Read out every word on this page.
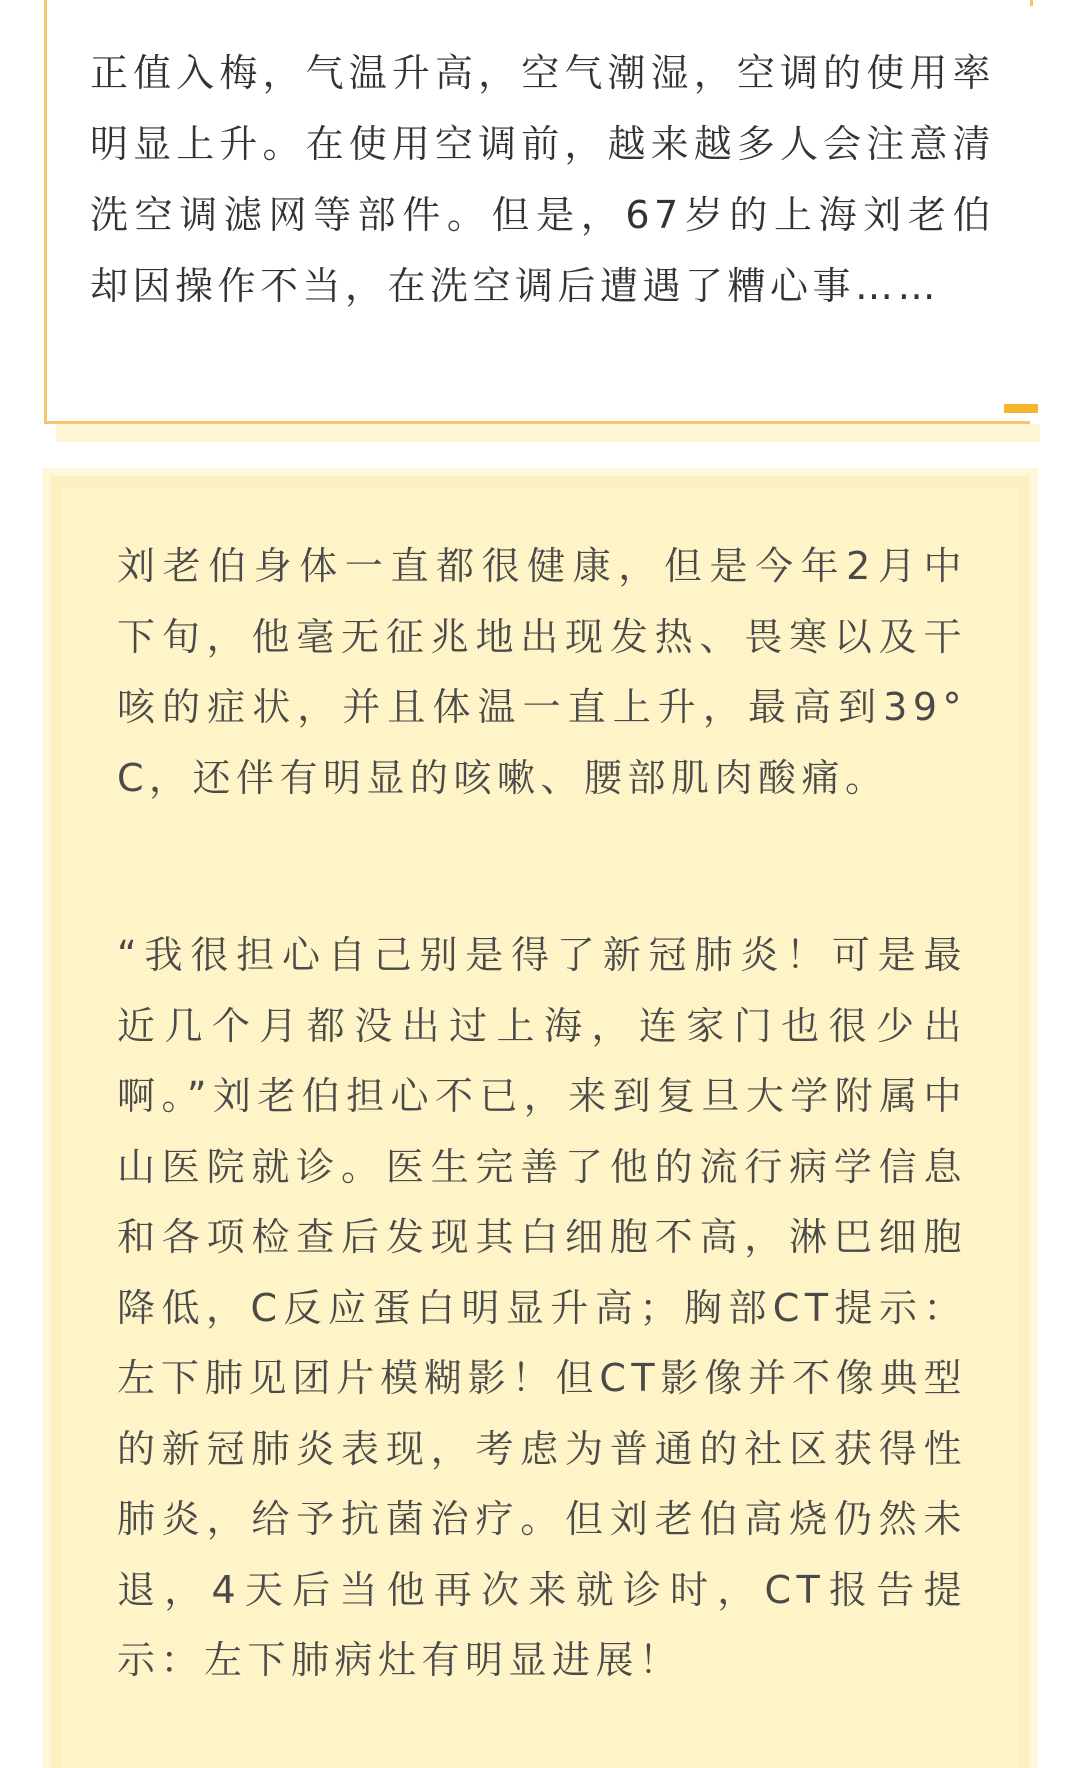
正值入梅，气温升高，空气潮湿，空调的使用率明显上升。在使用空调前，越来越多人会注意清洗空调滤网等部件。但是，67岁的上海刘老伯却因操作不当，在洗空调后遭遇了糟心事……

刘老伯身体一直都很健康，但是今年2月中下旬，他毫无征兆地出现发热、畏寒以及干咳的症状，并且体温一直上升，最高到39°C，还伴有明显的咳嗽、腰部肌肉酸痛。

“我很担心自己别是得了新冠肺炎！可是最近几个月都没出过上海，连家门也很少出啊。”刘老伯担心不已，来到复旦大学附属中山医院就诊。医生完善了他的流行病学信息和各项检查后发现其白细胞不高，淋巴细胞降低，C反应蛋白明显升高；胸部CT提示：左下肺见团片模糊影！但CT影像并不像典型的新冠肺炎表现，考虑为普通的社区获得性肺炎，给予抗菌治疗。但刘老伯高烧仍然未退，4天后当他再次来就诊时，CT报告提示：左下肺病灶有明显进展！
